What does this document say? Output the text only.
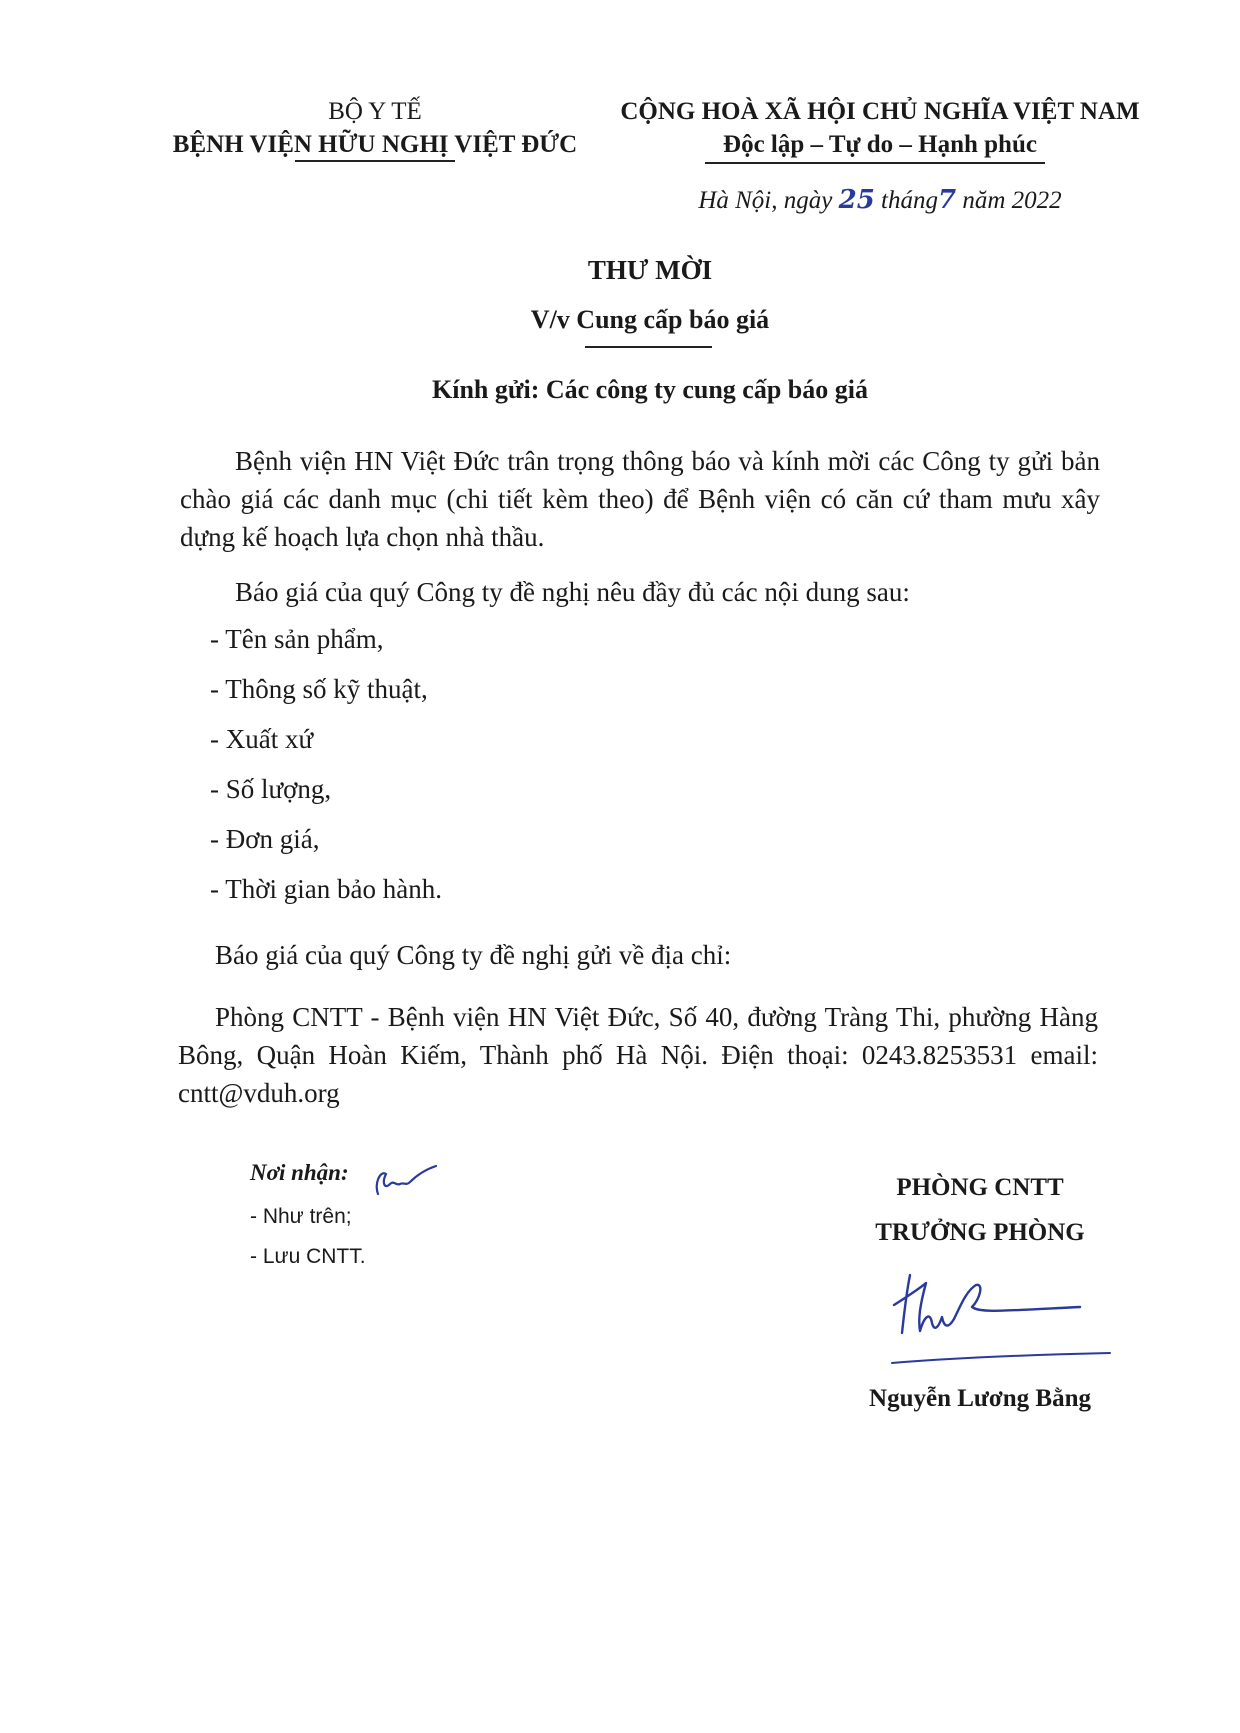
BỘ Y TẾ
BỆNH VIỆN HỮU NGHỊ VIỆT ĐỨC
CỘNG HOÀ XÃ HỘI CHỦ NGHĨA VIỆT NAM
Độc lập – Tự do – Hạnh phúc
Hà Nội, ngày 25 tháng7 năm 2022
THƯ MỜI
V/v Cung cấp báo giá
Kính gửi: Các công ty cung cấp báo giá
Bệnh viện HN Việt Đức trân trọng thông báo và kính mời các Công ty gửi bản chào giá các danh mục (chi tiết kèm theo) để Bệnh viện có căn cứ tham mưu xây dựng kế hoạch lựa chọn nhà thầu.
Báo giá của quý Công ty đề nghị nêu đầy đủ các nội dung sau:
- Tên sản phẩm,
- Thông số kỹ thuật,
- Xuất xứ
- Số lượng,
- Đơn giá,
- Thời gian bảo hành.
Báo giá của quý Công ty đề nghị gửi về địa chỉ:
Phòng CNTT - Bệnh viện HN Việt Đức, Số 40, đường Tràng Thi, phường Hàng Bông, Quận Hoàn Kiếm, Thành phố Hà Nội. Điện thoại: 0243.8253531 email: cntt@vduh.org
Nơi nhận:
- Như trên;
- Lưu CNTT.
PHÒNG CNTT
TRƯỞNG PHÒNG
Nguyễn Lương Bằng
